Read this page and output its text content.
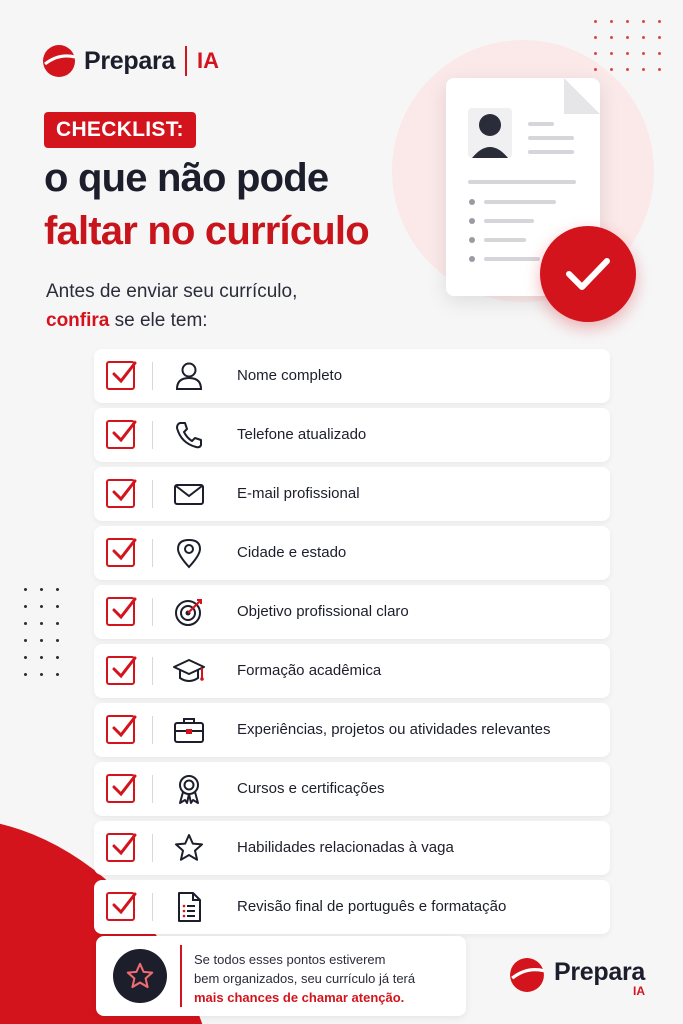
Prepara IA
CHECKLIST:
o que não pode
faltar no currículo
Antes de enviar seu currículo,
confira se ele tem:
Nome completo
Telefone atualizado
E-mail profissional
Cidade e estado
Objetivo profissional claro
Formação acadêmica
Experiências, projetos ou atividades relevantes
Cursos e certificações
Habilidades relacionadas à vaga
Revisão final de português e formatação
Se todos esses pontos estiverem
bem organizados, seu currículo já terá
mais chances de chamar atenção.
Prepara
IA
